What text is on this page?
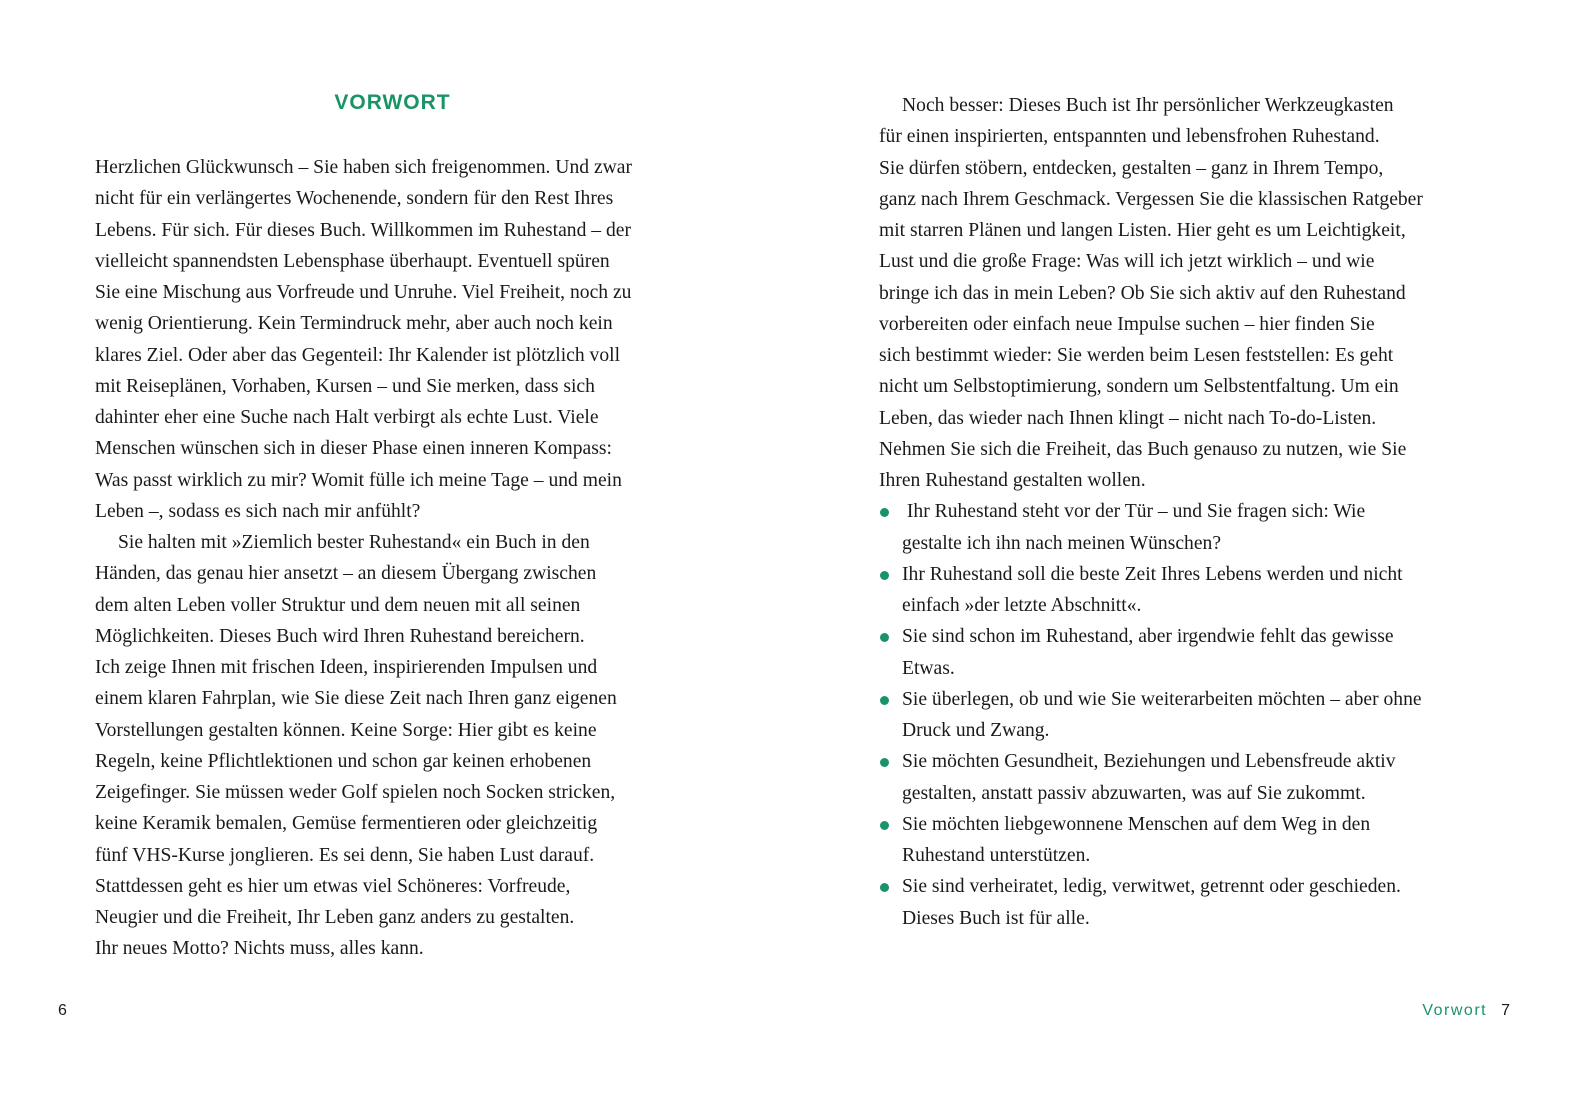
VORWORT
Herzlichen Glückwunsch – Sie haben sich freigenommen. Und zwar
nicht für ein verlängertes Wochenende, sondern für den Rest Ihres
Lebens. Für sich. Für dieses Buch. Willkommen im Ruhestand – der
vielleicht spannendsten Lebensphase überhaupt. Eventuell spüren
Sie eine Mischung aus Vorfreude und Unruhe. Viel Freiheit, noch zu
wenig Orientierung. Kein Termindruck mehr, aber auch noch kein
klares Ziel. Oder aber das Gegenteil: Ihr Kalender ist plötzlich voll
mit Reiseplänen, Vorhaben, Kursen – und Sie merken, dass sich
dahinter eher eine Suche nach Halt verbirgt als echte Lust. Viele
Menschen wünschen sich in dieser Phase einen inneren Kompass:
Was passt wirklich zu mir? Womit fülle ich meine Tage – und mein
Leben –, sodass es sich nach mir anfühlt?
Sie halten mit »Ziemlich bester Ruhestand« ein Buch in den
Händen, das genau hier ansetzt – an diesem Übergang zwischen
dem alten Leben voller Struktur und dem neuen mit all seinen
Möglichkeiten. Dieses Buch wird Ihren Ruhestand bereichern.
Ich zeige Ihnen mit frischen Ideen, inspirierenden Impulsen und
einem klaren Fahrplan, wie Sie diese Zeit nach Ihren ganz eigenen
Vorstellungen gestalten können. Keine Sorge: Hier gibt es keine
Regeln, keine Pflichtlektionen und schon gar keinen erhobenen
Zeigefinger. Sie müssen weder Golf spielen noch Socken stricken,
keine Keramik bemalen, Gemüse fermentieren oder gleichzeitig
fünf VHS-Kurse jonglieren. Es sei denn, Sie haben Lust darauf.
Stattdessen geht es hier um etwas viel Schöneres: Vorfreude,
Neugier und die Freiheit, Ihr Leben ganz anders zu gestalten.
Ihr neues Motto? Nichts muss, alles kann.
6
Noch besser: Dieses Buch ist Ihr persönlicher Werkzeugkasten
für einen inspirierten, entspannten und lebensfrohen Ruhestand.
Sie dürfen stöbern, entdecken, gestalten – ganz in Ihrem Tempo,
ganz nach Ihrem Geschmack. Vergessen Sie die klassischen Ratgeber
mit starren Plänen und langen Listen. Hier geht es um Leichtigkeit,
Lust und die große Frage: Was will ich jetzt wirklich – und wie
bringe ich das in mein Leben? Ob Sie sich aktiv auf den Ruhestand
vorbereiten oder einfach neue Impulse suchen – hier finden Sie
sich bestimmt wieder: Sie werden beim Lesen feststellen: Es geht
nicht um Selbstoptimierung, sondern um Selbstentfaltung. Um ein
Leben, das wieder nach Ihnen klingt – nicht nach To-do-Listen.
Nehmen Sie sich die Freiheit, das Buch genauso zu nutzen, wie Sie
Ihren Ruhestand gestalten wollen.
Ihr Ruhestand steht vor der Tür – und Sie fragen sich: Wie
gestalte ich ihn nach meinen Wünschen?
Ihr Ruhestand soll die beste Zeit Ihres Lebens werden und nicht
einfach »der letzte Abschnitt«.
Sie sind schon im Ruhestand, aber irgendwie fehlt das gewisse
Etwas.
Sie überlegen, ob und wie Sie weiterarbeiten möchten – aber ohne
Druck und Zwang.
Sie möchten Gesundheit, Beziehungen und Lebensfreude aktiv
gestalten, anstatt passiv abzuwarten, was auf Sie zukommt.
Sie möchten liebgewonnene Menschen auf dem Weg in den
Ruhestand unterstützen.
Sie sind verheiratet, ledig, verwitwet, getrennt oder geschieden.
Dieses Buch ist für alle.
Vorwort 7
